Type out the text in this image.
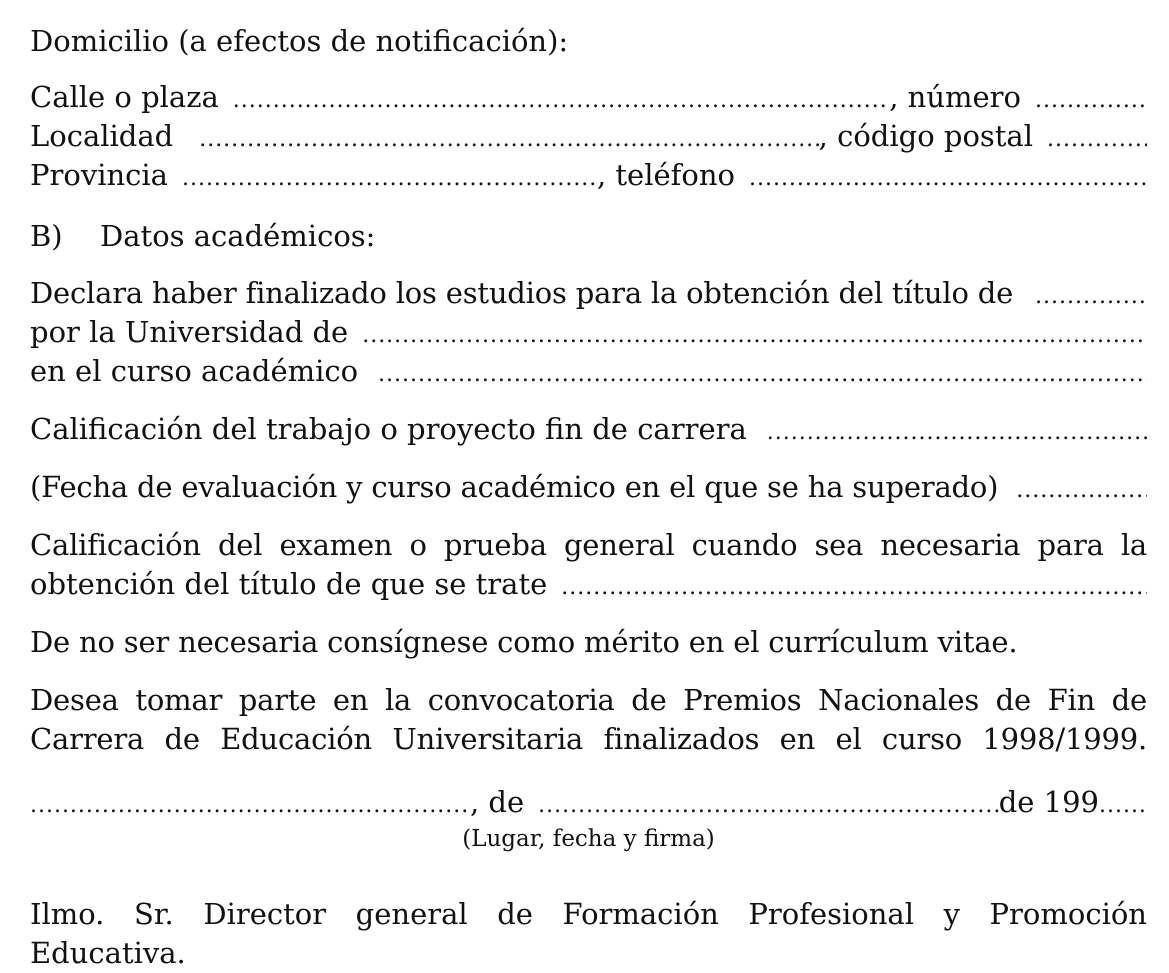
Domicilio (a efectos de notificación):
Calle o plaza . . .	, número
. . .
Localidad . . .	, código postal
. . .
Provincia . . .	, teléfono
. . .
B)	Datos académicos:
Declara haber finalizado los estudios para la obtención del título de
. . .
por la Universidad de
. . .
en el curso académico
. . .
Calificación del trabajo o proyecto fin de carrera
. . .
(Fecha de evaluación y curso académico en el que se ha superado)
. . .
Calificación del examen o prueba general cuando sea necesaria para la
obtención del título de que se trate
. . .
De no ser necesaria consígnese como mérito en el currículum vitae.
Desea tomar parte en la convocatoria de Premios Nacionales de Fin de
Carrera de Educación Universitaria finalizados en el curso 1998/1999.
. . .
, de . . .	de 199
. . .
(Lugar, fecha y firma)
Ilmo. Sr. Director general de Formación Profesional y Promoción Educativa.
